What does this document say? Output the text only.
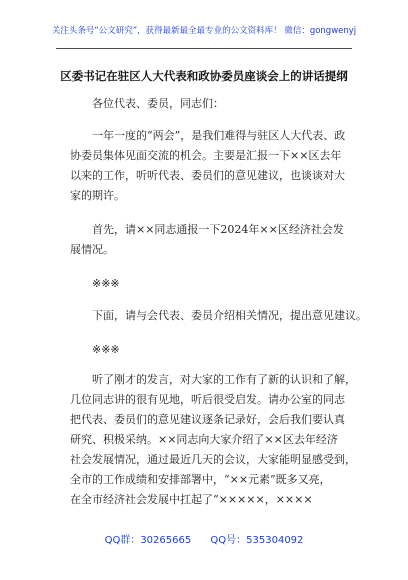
关注头条号“公文研究”，获得最新最全最专业的公文资料库！ 微信：gongwenyj
区委书记在驻区人大代表和政协委员座谈会上的讲话提纲
各位代表、委员，同志们：
一年一度的“两会”，是我们难得与驻区人大代表、政
协委员集体见面交流的机会。主要是汇报一下××区去年
以来的工作，听听代表、委员们的意见建议，也谈谈对大
家的期许。
首先，请××同志通报一下2024年××区经济社会发
展情况。
※※※
下面，请与会代表、委员介绍相关情况，提出意见建议。
※※※
听了刚才的发言，对大家的工作有了新的认识和了解，
几位同志讲的很有见地，听后很受启发。请办公室的同志
把代表、委员们的意见建议逐条记录好，会后我们要认真
研究、积极采纳。××同志向大家介绍了××区去年经济
社会发展情况，通过最近几天的会议，大家能明显感受到，
全市的工作成绩和安排部署中，“××元素”既多又亮，
在全市经济社会发展中扛起了“×××××，××××
QQ群：30265665 QQ号：535304092
